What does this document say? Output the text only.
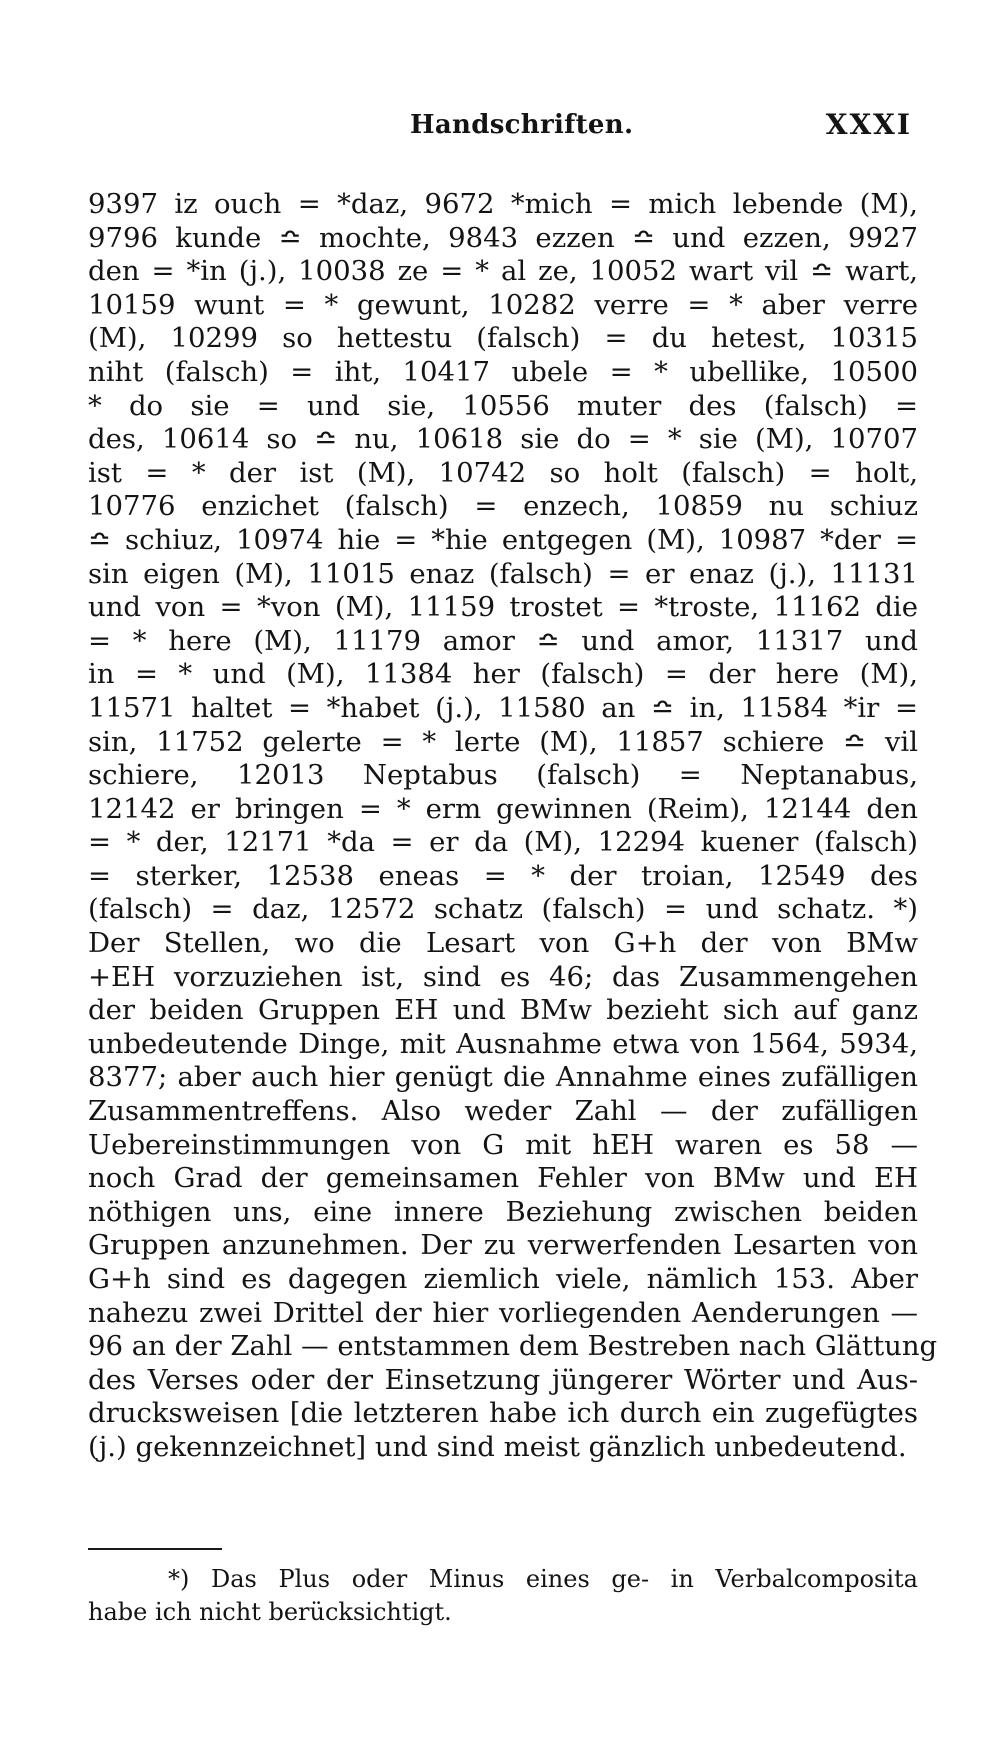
Handschriften.	XXXI
9397 iz ouch = *daz, 9672 *mich = mich lebende (M),
9796 kunde ≏ mochte, 9843 ezzen ≏ und ezzen, 9927
den = *in (j.), 10038 ze = * al ze, 10052 wart vil ≏ wart,
10159 wunt = * gewunt, 10282 verre = * aber verre
(M), 10299 so hettestu (falsch) = du hetest, 10315
niht (falsch) = iht, 10417 ubele = * ubellike, 10500
* do sie = und sie, 10556 muter des (falsch) =
des, 10614 so ≏ nu, 10618 sie do = * sie (M), 10707
ist = * der ist (M), 10742 so holt (falsch) = holt,
10776 enzichet (falsch) = enzech, 10859 nu schiuz
≏ schiuz, 10974 hie = *hie entgegen (M), 10987 *der =
sin eigen (M), 11015 enaz (falsch) = er enaz (j.), 11131
und von = *von (M), 11159 trostet = *troste, 11162 die
= * here (M), 11179 amor ≏ und amor, 11317 und
in = * und (M), 11384 her (falsch) = der here (M),
11571 haltet = *habet (j.), 11580 an ≏ in, 11584 *ir =
sin, 11752 gelerte = * lerte (M), 11857 schiere ≏ vil
schiere, 12013 Neptabus (falsch) = Neptanabus,
12142 er bringen = * erm gewinnen (Reim), 12144 den
= * der, 12171 *da = er da (M), 12294 kuener (falsch)
= sterker, 12538 eneas = * der troian, 12549 des
(falsch) = daz, 12572 schatz (falsch) = und schatz. *)
Der Stellen, wo die Lesart von G+h der von BMw
+EH vorzuziehen ist, sind es 46; das Zusammengehen
der beiden Gruppen EH und BMw bezieht sich auf ganz
unbedeutende Dinge, mit Ausnahme etwa von 1564, 5934,
8377; aber auch hier genügt die Annahme eines zufälligen
Zusammentreffens. Also weder Zahl — der zufälligen
Uebereinstimmungen von G mit hEH waren es 58 —
noch Grad der gemeinsamen Fehler von BMw und EH
nöthigen uns, eine innere Beziehung zwischen beiden
Gruppen anzunehmen. Der zu verwerfenden Lesarten von
G+h sind es dagegen ziemlich viele, nämlich 153. Aber
nahezu zwei Drittel der hier vorliegenden Aenderungen —
96 an der Zahl — entstammen dem Bestreben nach Glättung
des Verses oder der Einsetzung jüngerer Wörter und Aus-
drucksweisen [die letzteren habe ich durch ein zugefügtes
(j.) gekennzeichnet] und sind meist gänzlich unbedeutend.
*) Das Plus oder Minus eines ge- in Verbalcomposita
habe ich nicht berücksichtigt.
